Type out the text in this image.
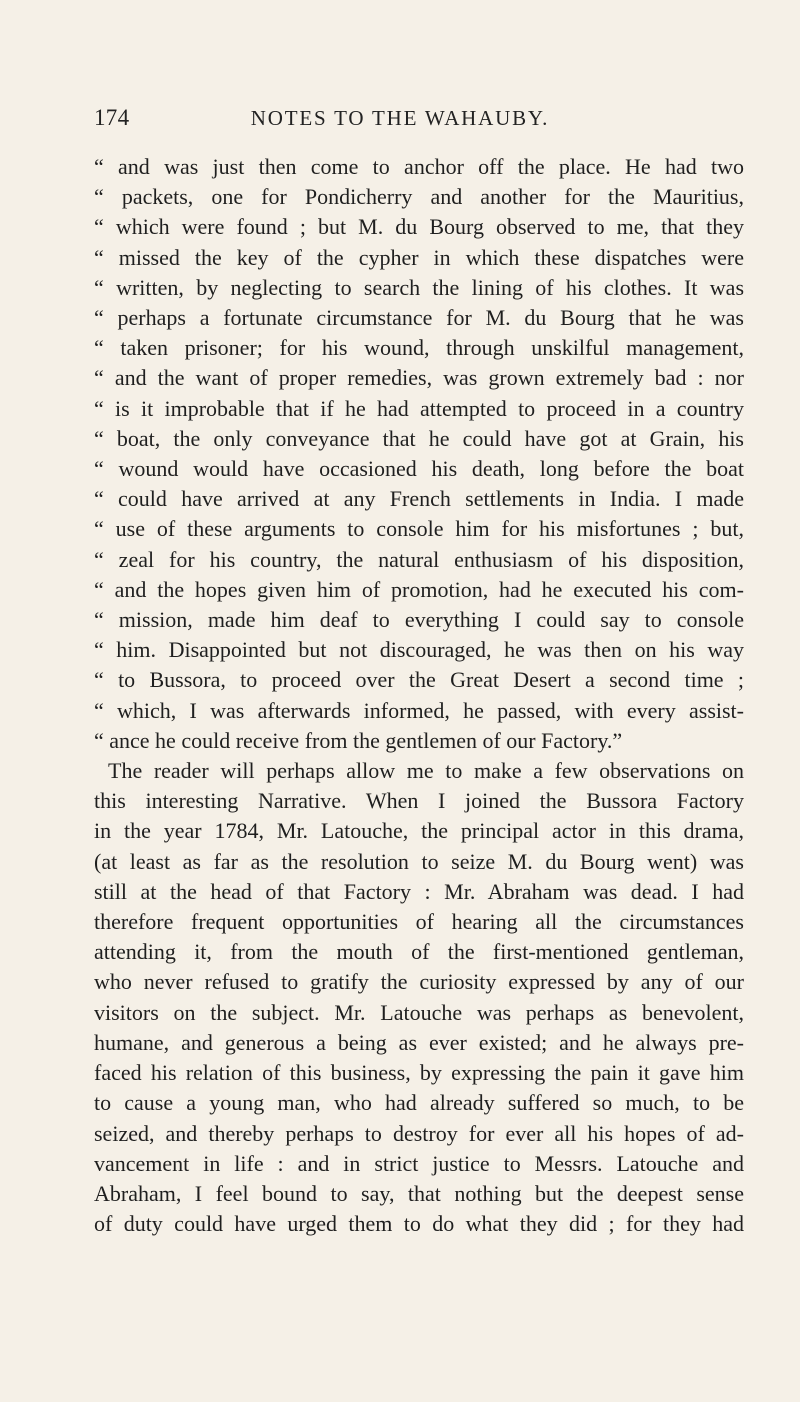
174	NOTES TO THE WAHAUBY.
“ and was just then come to anchor off the place. He had two
“ packets, one for Pondicherry and another for the Mauritius,
“ which were found ; but M. du Bourg observed to me, that they
“ missed the key of the cypher in which these dispatches were
“ written, by neglecting to search the lining of his clothes. It was
“ perhaps a fortunate circumstance for M. du Bourg that he was
“ taken prisoner; for his wound, through unskilful management,
“ and the want of proper remedies, was grown extremely bad : nor
“ is it improbable that if he had attempted to proceed in a country
“ boat, the only conveyance that he could have got at Grain, his
“ wound would have occasioned his death, long before the boat
“ could have arrived at any French settlements in India. I made
“ use of these arguments to console him for his misfortunes ; but,
“ zeal for his country, the natural enthusiasm of his disposition,
“ and the hopes given him of promotion, had he executed his com-
“ mission, made him deaf to everything I could say to console
“ him. Disappointed but not discouraged, he was then on his way
“ to Bussora, to proceed over the Great Desert a second time ;
“ which, I was afterwards informed, he passed, with every assist-
“ ance he could receive from the gentlemen of our Factory.”
The reader will perhaps allow me to make a few observations on
this interesting Narrative. When I joined the Bussora Factory
in the year 1784, Mr. Latouche, the principal actor in this drama,
(at least as far as the resolution to seize M. du Bourg went) was
still at the head of that Factory : Mr. Abraham was dead. I had
therefore frequent opportunities of hearing all the circumstances
attending it, from the mouth of the first-mentioned gentleman,
who never refused to gratify the curiosity expressed by any of our
visitors on the subject. Mr. Latouche was perhaps as benevolent,
humane, and generous a being as ever existed; and he always pre-
faced his relation of this business, by expressing the pain it gave him
to cause a young man, who had already suffered so much, to be
seized, and thereby perhaps to destroy for ever all his hopes of ad-
vancement in life : and in strict justice to Messrs. Latouche and
Abraham, I feel bound to say, that nothing but the deepest sense
of duty could have urged them to do what they did ; for they had
